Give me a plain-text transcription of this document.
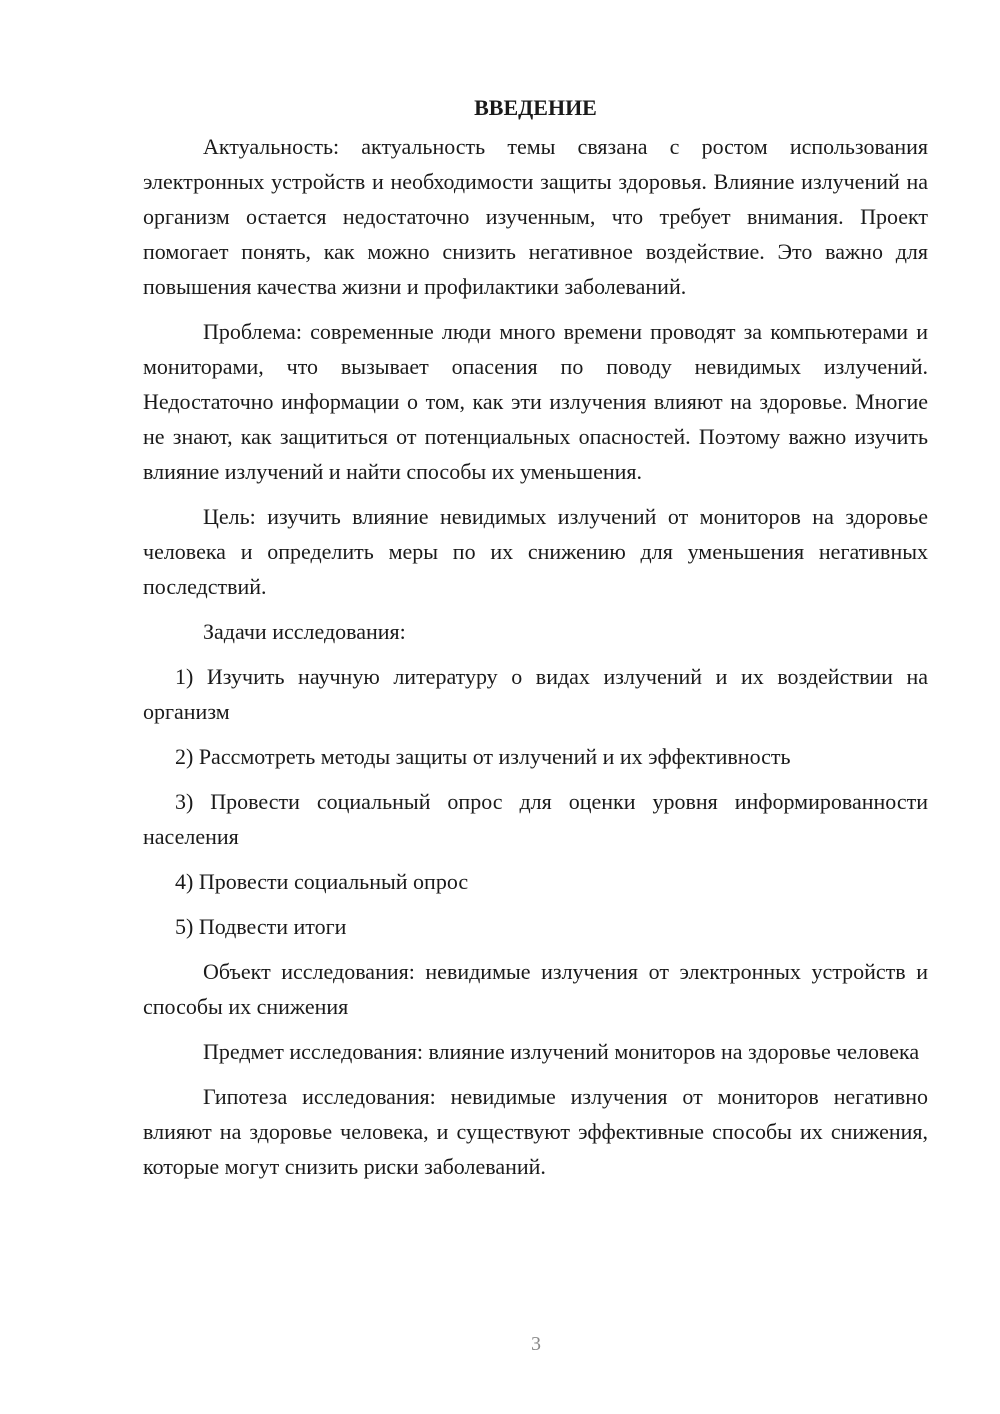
ВВЕДЕНИЕ

Актуальность: актуальность темы связана с ростом использования электронных устройств и необходимости защиты здоровья. Влияние излучений на организм остается недостаточно изученным, что требует внимания. Проект помогает понять, как можно снизить негативное воздействие. Это важно для повышения качества жизни и профилактики заболеваний.

Проблема: современные люди много времени проводят за компьютерами и мониторами, что вызывает опасения по поводу невидимых излучений. Недостаточно информации о том, как эти излучения влияют на здоровье. Многие не знают, как защититься от потенциальных опасностей. Поэтому важно изучить влияние излучений и найти способы их уменьшения.

Цель: изучить влияние невидимых излучений от мониторов на здоровье человека и определить меры по их снижению для уменьшения негативных последствий.

Задачи исследования:

1) Изучить научную литературу о видах излучений и их воздействии на организм

2) Рассмотреть методы защиты от излучений и их эффективность

3) Провести социальный опрос для оценки уровня информированности населения

4) Провести социальный опрос

5) Подвести итоги

Объект исследования: невидимые излучения от электронных устройств и способы их снижения

Предмет исследования: влияние излучений мониторов на здоровье человека

Гипотеза исследования: невидимые излучения от мониторов негативно влияют на здоровье человека, и существуют эффективные способы их снижения, которые могут снизить риски заболеваний.

3
